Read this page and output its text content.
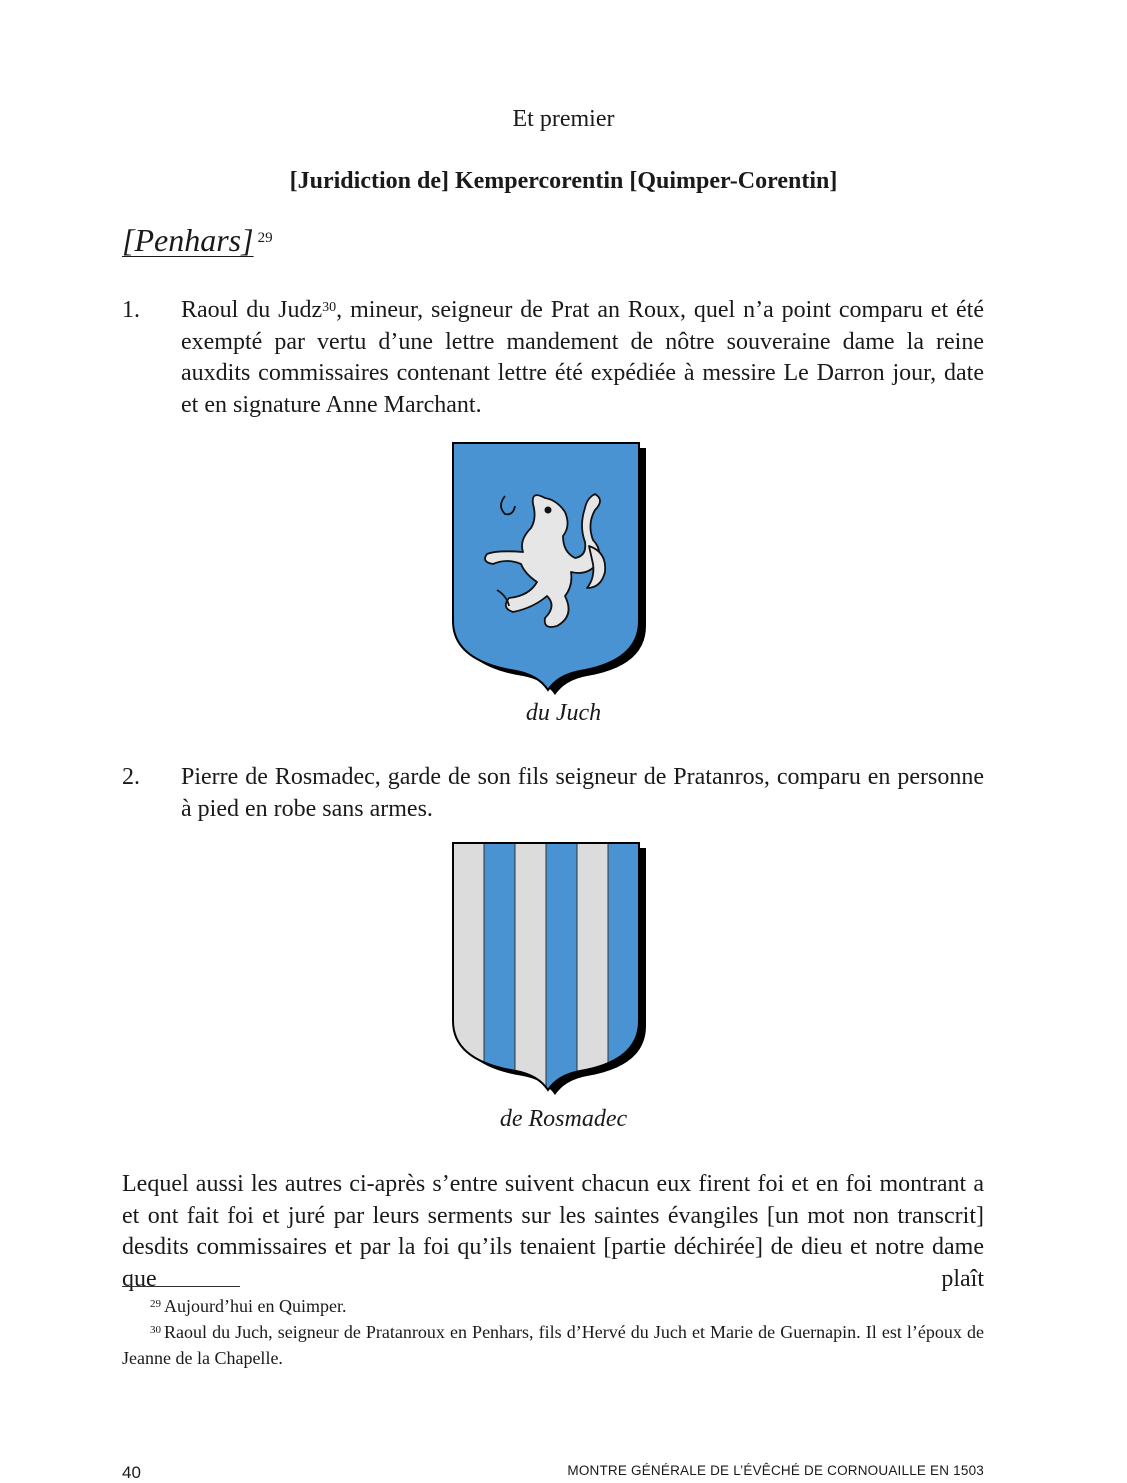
Et premier
[Juridiction de] Kempercorentin [Quimper-Corentin]
[Penhars] $^{29}$
1. Raoul du Judz$^{30}$, mineur, seigneur de Prat an Roux, quel n’a point comparu et été exempté par vertu d’une lettre mandement de nôtre souveraine dame la reine auxdits commissaires contenant lettre été expédiée à messire Le Darron jour, date et en signature Anne Marchant.
du Juch
2. Pierre de Rosmadec, garde de son fils seigneur de Pratanros, comparu en personne à pied en robe sans armes.
de Rosmadec
Lequel aussi les autres ci-après s’entre suivent chacun eux firent foi et en foi montrant a et ont fait foi et juré par leurs serments sur les saintes évangiles [un mot non transcrit] desdits commissaires et par la foi qu’ils tenaient [partie déchirée] de dieu et notre dame que plaît
$^{29}$ Aujourd’hui en Quimper.
$^{30}$ Raoul du Juch, seigneur de Pratanroux en Penhars, fils d’Hervé du Juch et Marie de Guernapin. Il est l’époux de Jeanne de la Chapelle.
40	MONTRE GÉNÉRALE DE L’ÉVÊCHÉ DE CORNOUAILLE EN 1503
